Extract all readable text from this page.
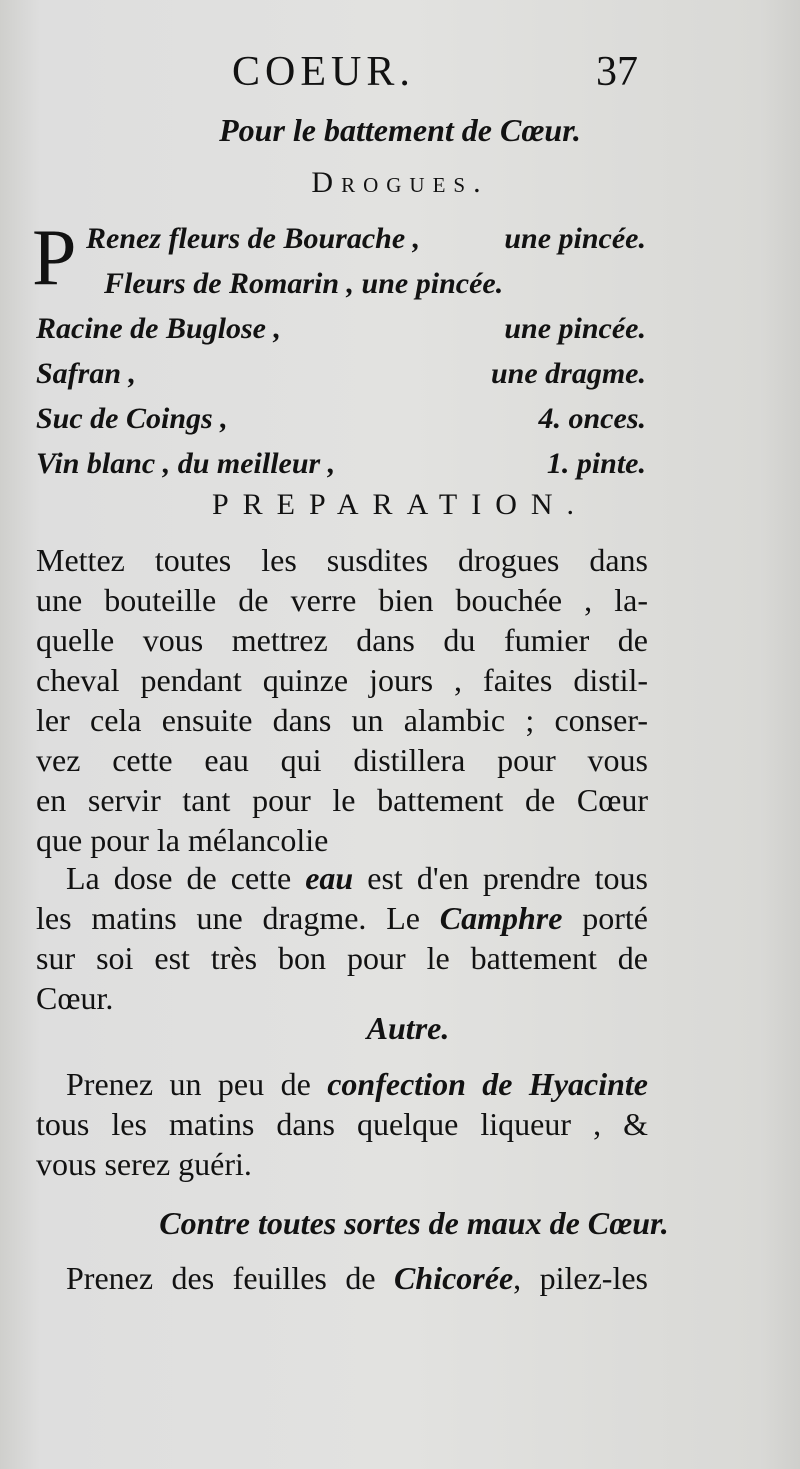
COEUR.	37
Pour le battement de Cœur.
Drogues.
P Renez fleurs de Bourache ,	une pincée.
Fleurs de Romarin , une pincée.
Racine de Buglose ,	une pincée.
Safran ,	une dragme.
Suc de Coings ,	4. onces.
Vin blanc , du meilleur ,	1. pinte.
PREPARATION.
Mettez toutes les susdites drogues dans
une bouteille de verre bien bouchée , la-
quelle vous mettrez dans du fumier de
cheval pendant quinze jours , faites distil-
ler cela ensuite dans un alambic ; conser-
vez cette eau qui distillera pour vous
en servir tant pour le battement de Cœur
que pour la mélancolie
La dose de cette eau est d'en prendre tous
les matins une dragme. Le Camphre porté
sur soi est très bon pour le battement de
Cœur.
Autre.
Prenez un peu de confection de Hyacinte
tous les matins dans quelque liqueur , &
vous serez guéri.
Contre toutes sortes de maux de Cœur.
Prenez des feuilles de Chicorée, pilez-les
